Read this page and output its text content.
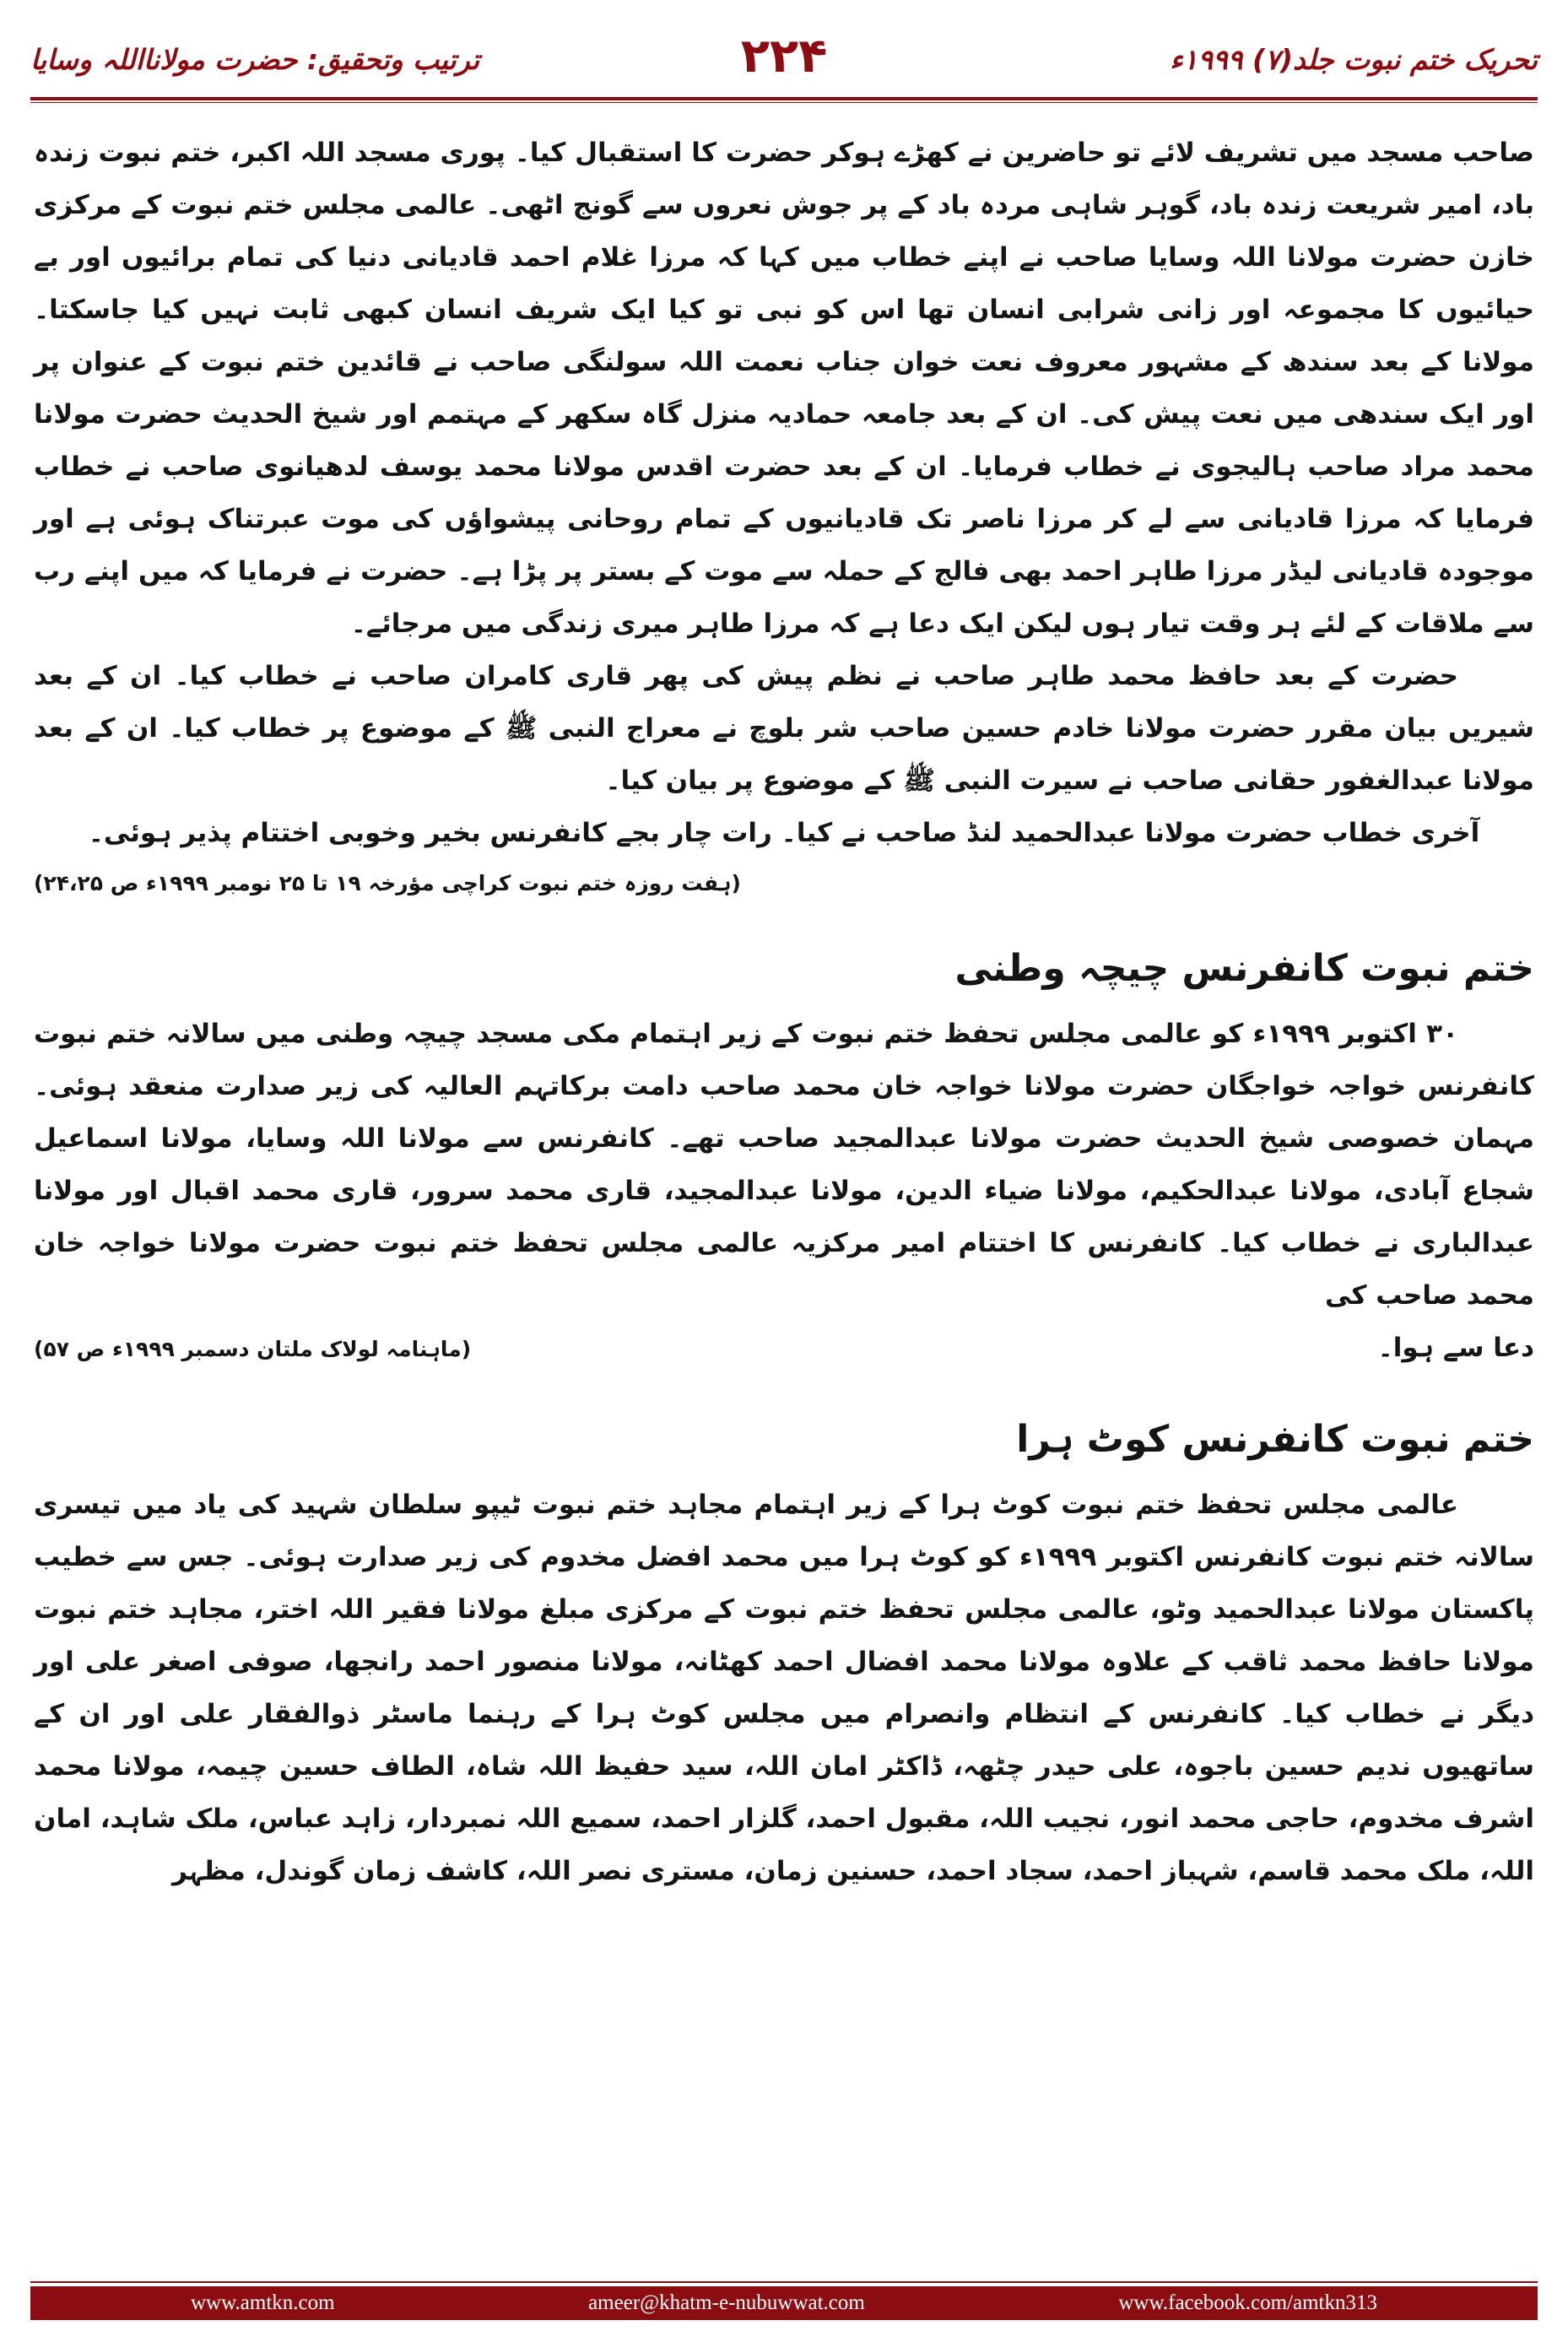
ترتیب وتحقیق: حضرت مولانااللہ وسایا	۲۲۴	تحریک ختم نبوت جلد(۷) ۱۹۹۹ء

صاحب مسجد میں تشریف لائے تو حاضرین نے کھڑے ہوکر حضرت کا استقبال کیا۔ پوری مسجد اللہ اکبر، ختم نبوت زندہ باد، امیر شریعت زندہ باد، گوہر شاہی مردہ باد کے پر جوش نعروں سے گونج اٹھی۔ عالمی مجلس ختم نبوت کے مرکزی خازن حضرت مولانا اللہ وسایا صاحب نے اپنے خطاب میں کہا کہ مرزا غلام احمد قادیانی دنیا کی تمام برائیوں اور بے حیائیوں کا مجموعہ اور زانی شرابی انسان تھا اس کو نبی تو کیا ایک شریف انسان کبھی ثابت نہیں کیا جاسکتا۔ مولانا کے بعد سندھ کے مشہور معروف نعت خوان جناب نعمت اللہ سولنگی صاحب نے قائدین ختم نبوت کے عنوان پر اور ایک سندھی میں نعت پیش کی۔ ان کے بعد جامعہ حمادیہ منزل گاہ سکھر کے مہتمم اور شیخ الحدیث حضرت مولانا محمد مراد صاحب ہالیجوی نے خطاب فرمایا۔ ان کے بعد حضرت اقدس مولانا محمد یوسف لدھیانوی صاحب نے خطاب فرمایا کہ مرزا قادیانی سے لے کر مرزا ناصر تک قادیانیوں کے تمام روحانی پیشواؤں کی موت عبرتناک ہوئی ہے اور موجودہ قادیانی لیڈر مرزا طاہر احمد بھی فالج کے حملہ سے موت کے بستر پر پڑا ہے۔ حضرت نے فرمایا کہ میں اپنے رب سے ملاقات کے لئے ہر وقت تیار ہوں لیکن ایک دعا ہے کہ مرزا طاہر میری زندگی میں مرجائے۔

حضرت کے بعد حافظ محمد طاہر صاحب نے نظم پیش کی پھر قاری کامران صاحب نے خطاب کیا۔ ان کے بعد شیریں بیان مقرر حضرت مولانا خادم حسین صاحب شر بلوچ نے معراج النبی ﷺ کے موضوع پر خطاب کیا۔ ان کے بعد مولانا عبدالغفور حقانی صاحب نے سیرت النبی ﷺ کے موضوع پر بیان کیا۔

آخری خطاب حضرت مولانا عبدالحمید لنڈ صاحب نے کیا۔ رات چار بجے کانفرنس بخیر وخوبی اختتام پذیر ہوئی۔

(ہفت روزہ ختم نبوت کراچی مؤرخہ ۱۹ تا ۲۵ نومبر ۱۹۹۹ء ص ۲۴،۲۵)

ختم نبوت کانفرنس چیچہ وطنی

۳۰ اکتوبر ۱۹۹۹ء کو عالمی مجلس تحفظ ختم نبوت کے زیر اہتمام مکی مسجد چیچہ وطنی میں سالانہ ختم نبوت کانفرنس خواجہ خواجگان حضرت مولانا خواجہ خان محمد صاحب دامت برکاتہم العالیہ کی زیر صدارت منعقد ہوئی۔ مہمان خصوصی شیخ الحدیث حضرت مولانا عبدالمجید صاحب تھے۔ کانفرنس سے مولانا اللہ وسایا، مولانا اسماعیل شجاع آبادی، مولانا عبدالحکیم، مولانا ضیاء الدین، مولانا عبدالمجید، قاری محمد سرور، قاری محمد اقبال اور مولانا عبدالباری نے خطاب کیا۔ کانفرنس کا اختتام امیر مرکزیہ عالمی مجلس تحفظ ختم نبوت حضرت مولانا خواجہ خان محمد صاحب کی

دعا سے ہوا۔
(ماہنامہ لولاک ملتان دسمبر ۱۹۹۹ء ص ۵۷)
ختم نبوت کانفرنس کوٹ ہرا

عالمی مجلس تحفظ ختم نبوت کوٹ ہرا کے زیر اہتمام مجاہد ختم نبوت ٹیپو سلطان شہید کی یاد میں تیسری سالانہ ختم نبوت کانفرنس اکتوبر ۱۹۹۹ء کو کوٹ ہرا میں محمد افضل مخدوم کی زیر صدارت ہوئی۔ جس سے خطیب پاکستان مولانا عبدالحمید وٹو، عالمی مجلس تحفظ ختم نبوت کے مرکزی مبلغ مولانا فقیر اللہ اختر، مجاہد ختم نبوت مولانا حافظ محمد ثاقب کے علاوہ مولانا محمد افضال احمد کھٹانہ، مولانا منصور احمد رانجھا، صوفی اصغر علی اور دیگر نے خطاب کیا۔ کانفرنس کے انتظام وانصرام میں مجلس کوٹ ہرا کے رہنما ماسٹر ذوالفقار علی اور ان کے ساتھیوں ندیم حسین باجوہ، علی حیدر چٹھہ، ڈاکٹر امان اللہ، سید حفیظ اللہ شاہ، الطاف حسین چیمہ، مولانا محمد اشرف مخدوم، حاجی محمد انور، نجیب اللہ، مقبول احمد، گلزار احمد، سمیع اللہ نمبردار، زاہد عباس، ملک شاہد، امان اللہ، ملک محمد قاسم، شہباز احمد، سجاد احمد، حسنین زمان، مستری نصر اللہ، کاشف زمان گوندل، مظہر

www.amtkn.com	ameer@khatm-e-nubuwwat.com	www.facebook.com/amtkn313
